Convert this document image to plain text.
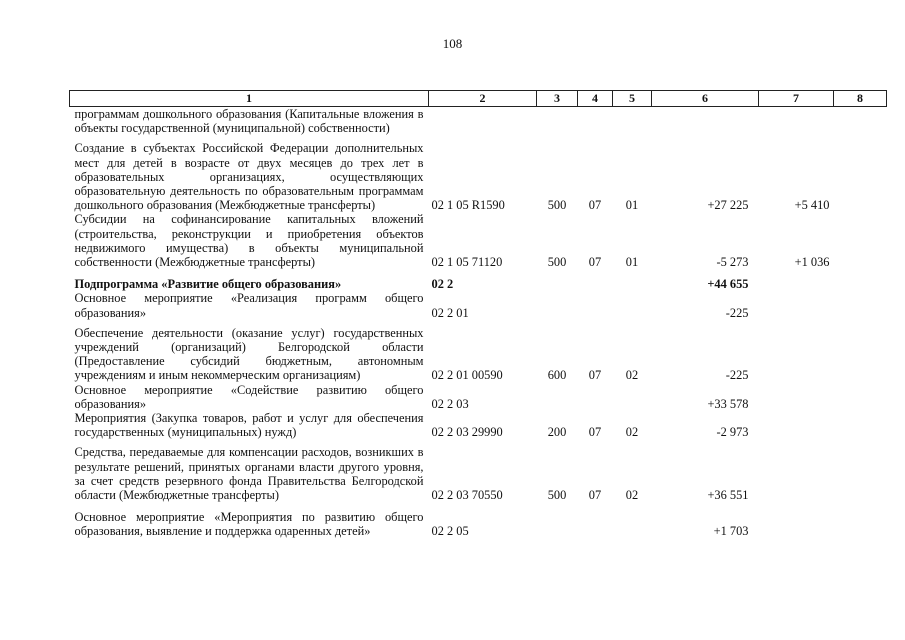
108
1	2	3	4	5	6	7	8
программам дошкольного образования (Капитальные вложения в объекты государственной (муниципальной) собственности)							
Создание в субъектах Российской Федерации дополнительных мест для детей в возрасте от двух месяцев до трех лет в образовательных организациях, осуществляющих образовательную деятельность по образовательным программам дошкольного образования (Межбюджетные трансферты)	02 1 05 R1590	500	07	01	+27 225	+5 410	
Субсидии на софинансирование капитальных вложений (строительства, реконструкции и приобретения объектов недвижимого имущества) в объекты муниципальной собственности (Межбюджетные трансферты)	02 1 05 71120	500	07	01	-5 273	+1 036	
Подпрограмма «Развитие общего образования»	02 2				+44 655		
Основное мероприятие «Реализация программ общего образования»	02 2 01				-225		
Обеспечение деятельности (оказание услуг) государственных учреждений (организаций) Белгородской области (Предоставление субсидий бюджетным, автономным учреждениям и иным некоммерческим организациям)	02 2 01 00590	600	07	02	-225		
Основное мероприятие «Содействие развитию общего образования»	02 2 03				+33 578		
Мероприятия (Закупка товаров, работ и услуг для обеспечения государственных (муниципальных) нужд)	02 2 03 29990	200	07	02	-2 973		
Средства, передаваемые для компенсации расходов, возникших в результате решений, принятых органами власти другого уровня, за счет средств резервного фонда Правительства Белгородской области (Межбюджетные трансферты)	02 2 03 70550	500	07	02	+36 551		
Основное мероприятие «Мероприятия по развитию общего образования, выявление и поддержка одаренных детей»	02 2 05				+1 703		
